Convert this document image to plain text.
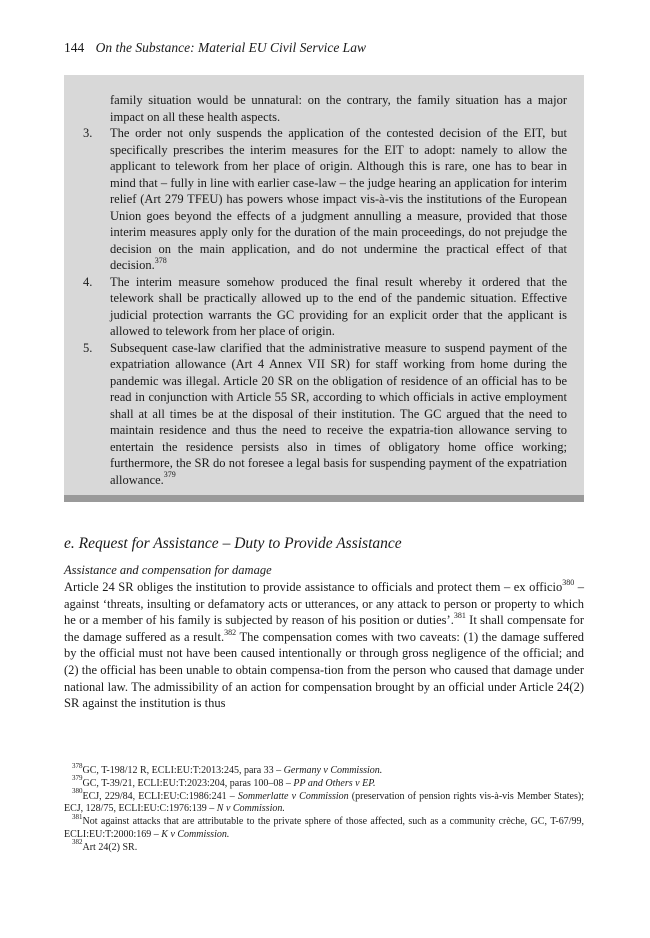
144 On the Substance: Material EU Civil Service Law
family situation would be unnatural: on the contrary, the family situation has a major impact on all these health aspects.
3. The order not only suspends the application of the contested decision of the EIT, but specifically prescribes the interim measures for the EIT to adopt: namely to allow the applicant to telework from her place of origin. Although this is rare, one has to bear in mind that – fully in line with earlier case-law – the judge hearing an application for interim relief (Art 279 TFEU) has powers whose impact vis-à-vis the institutions of the European Union goes beyond the effects of a judgment annulling a measure, provided that those interim measures apply only for the duration of the main proceedings, do not prejudge the decision on the main application, and do not undermine the practical effect of that decision.$^{378}$
4. The interim measure somehow produced the final result whereby it ordered that the telework shall be practically allowed up to the end of the pandemic situation. Effective judicial protection warrants the GC providing for an explicit order that the applicant is allowed to telework from her place of origin.
5. Subsequent case-law clarified that the administrative measure to suspend payment of the expatriation allowance (Art 4 Annex VII SR) for staff working from home during the pandemic was illegal. Article 20 SR on the obligation of residence of an official has to be read in conjunction with Article 55 SR, according to which officials in active employment shall at all times be at the disposal of their institution. The GC argued that the need to maintain residence and thus the need to receive the expatria-tion allowance serving to entertain the residence persists also in times of obligatory home office working; furthermore, the SR do not foresee a legal basis for suspending payment of the expatriation allowance.$^{379}$
e. Request for Assistance – Duty to Provide Assistance
Assistance and compensation for damage
Article 24 SR obliges the institution to provide assistance to officials and protect them – ex officio$^{380}$ – against ‘threats, insulting or defamatory acts or utterances, or any attack to person or property to which he or a member of his family is subjected by reason of his position or duties’.$^{381}$ It shall compensate for the damage suffered as a result.$^{382}$ The compensation comes with two caveats: (1) the damage suffered by the official must not have been caused intentionally or through gross negligence of the official; and (2) the official has been unable to obtain compensa-tion from the person who caused that damage under national law. The admissibility of an action for compensation brought by an official under Article 24(2) SR against the institution is thus
$^{378}$GC, T-198/12 R, ECLI:EU:T:2013:245, para 33 – Germany v Commission.
$^{379}$GC, T-39/21, ECLI:EU:T:2023:204, paras 100–08 – PP and Others v EP.
$^{380}$ECJ, 229/84, ECLI:EU:C:1986:241 – Sommerlatte v Commission (preservation of pension rights vis-à-vis Member States); ECJ, 128/75, ECLI:EU:C:1976:139 – N v Commission.
$^{381}$Not against attacks that are attributable to the private sphere of those affected, such as a community crèche, GC, T-67/99, ECLI:EU:T:2000:169 – K v Commission.
$^{382}$Art 24(2) SR.
